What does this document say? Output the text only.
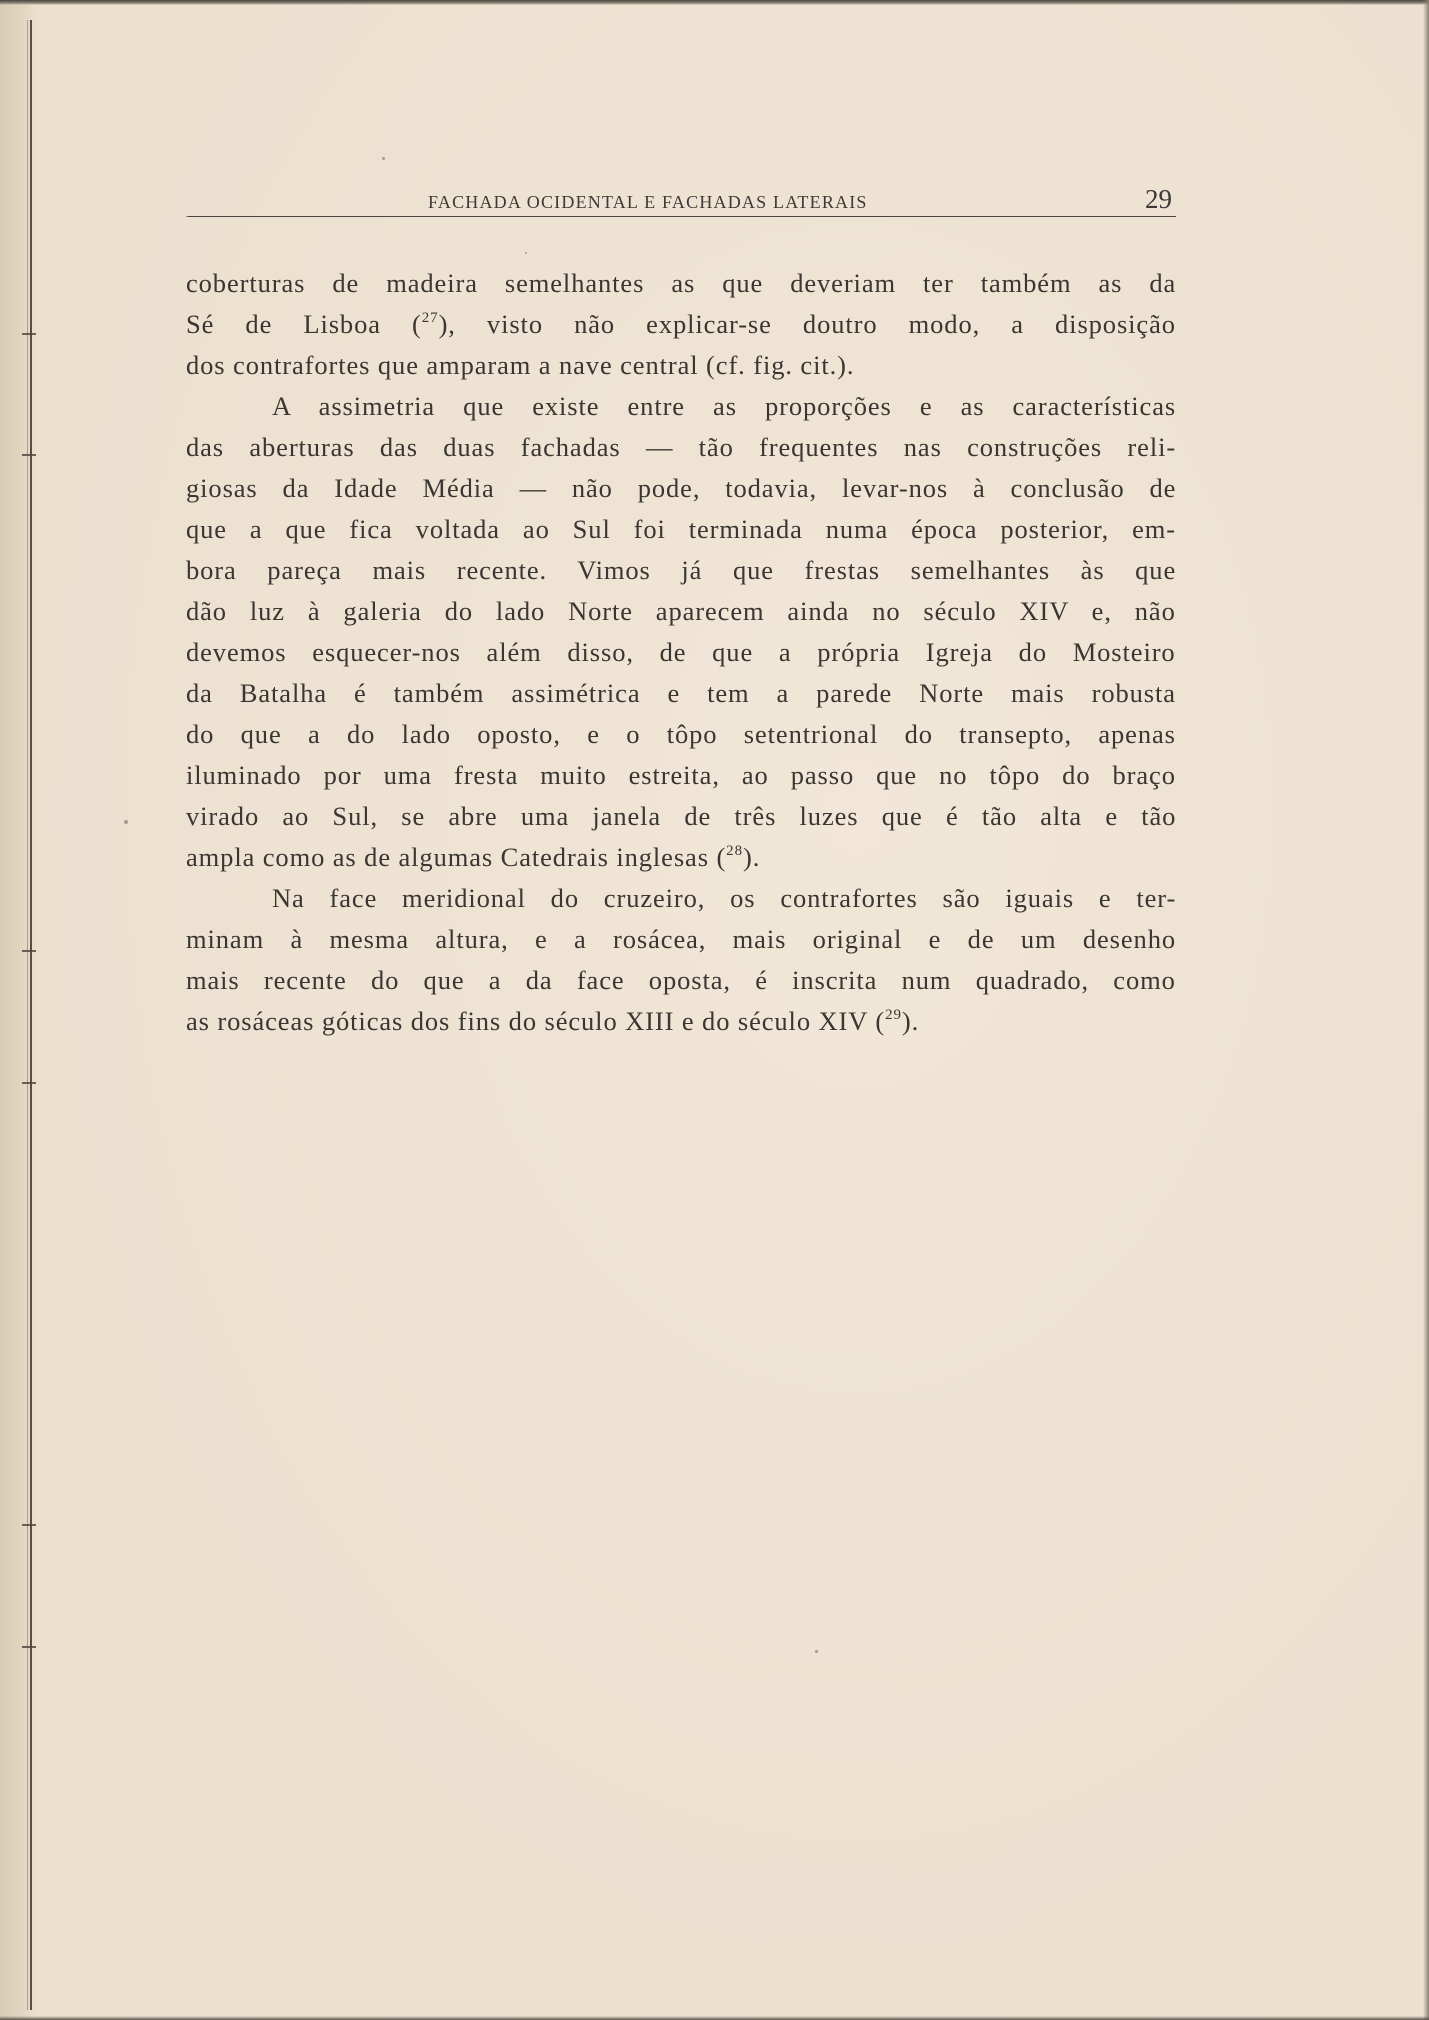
FACHADA OCIDENTAL E FACHADAS LATERAIS	29
coberturas de madeira semelhantes as que deveriam ter também as da
Sé de Lisboa ($^{27}$), visto não explicar-se doutro modo, a disposição
dos contrafortes que amparam a nave central (cf. fig. cit.).
A assimetria que existe entre as proporções e as características
das aberturas das duas fachadas — tão frequentes nas construções reli-
giosas da Idade Média — não pode, todavia, levar-nos à conclusão de
que a que fica voltada ao Sul foi terminada numa época posterior, em-
bora pareça mais recente. Vimos já que frestas semelhantes às que
dão luz à galeria do lado Norte aparecem ainda no século XIV e, não
devemos esquecer-nos além disso, de que a própria Igreja do Mosteiro
da Batalha é também assimétrica e tem a parede Norte mais robusta
do que a do lado oposto, e o tôpo setentrional do transepto, apenas
iluminado por uma fresta muito estreita, ao passo que no tôpo do braço
virado ao Sul, se abre uma janela de três luzes que é tão alta e tão
ampla como as de algumas Catedrais inglesas ($^{28}$).
Na face meridional do cruzeiro, os contrafortes são iguais e ter-
minam à mesma altura, e a rosácea, mais original e de um desenho
mais recente do que a da face oposta, é inscrita num quadrado, como
as rosáceas góticas dos fins do século XIII e do século XIV ($^{29}$).
